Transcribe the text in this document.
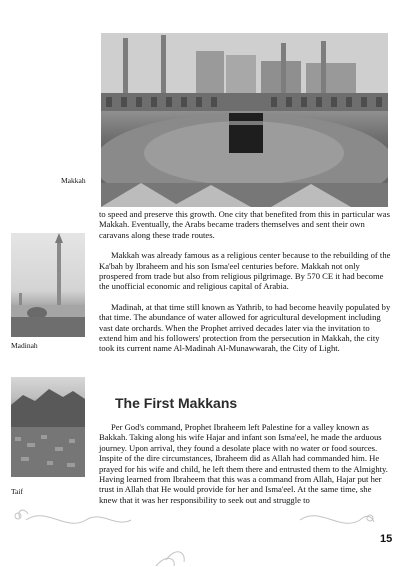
Makkah
Madinah
Taif

to speed and preserve this growth. One city that benefited from this in particular was Makkah. Eventually, the Arabs became traders themselves and sent their own caravans along these trade routes.

Makkah was already famous as a religious center because to the rebuilding of the Ka'bah by Ibraheem and his son Isma'eel centuries before. Makkah not only prospered from trade but also from religious pilgrimage. By 570 CE it had become the unofficial economic and religious capital of Arabia.

Madinah, at that time still known as Yathrib, to had become heavily populated by that time. The abundance of water allowed for agricultural development including vast date orchards. When the Prophet arrived decades later via the invitation to extend him and his followers' protection from the persecution in Makkah, the city took its current name Al-Madinah Al-Munawwarah, the City of Light.

The First Makkans

Per God's command, Prophet Ibraheem left Palestine for a valley known as Bakkah. Taking along his wife Hajar and infant son Isma'eel, he made the arduous journey. Upon arrival, they found a desolate place with no water or food sources. Inspite of the dire circumstances, Ibraheem did as Allah had commanded him. He prayed for his wife and child, he left them there and entrusted them to the Almighty. Having learned from Ibraheem that this was a command from Allah, Hajar put her trust in Allah that He would provide for her and Isma'eel. At the same time, she knew that it was her responsibility to seek out and struggle to

15
